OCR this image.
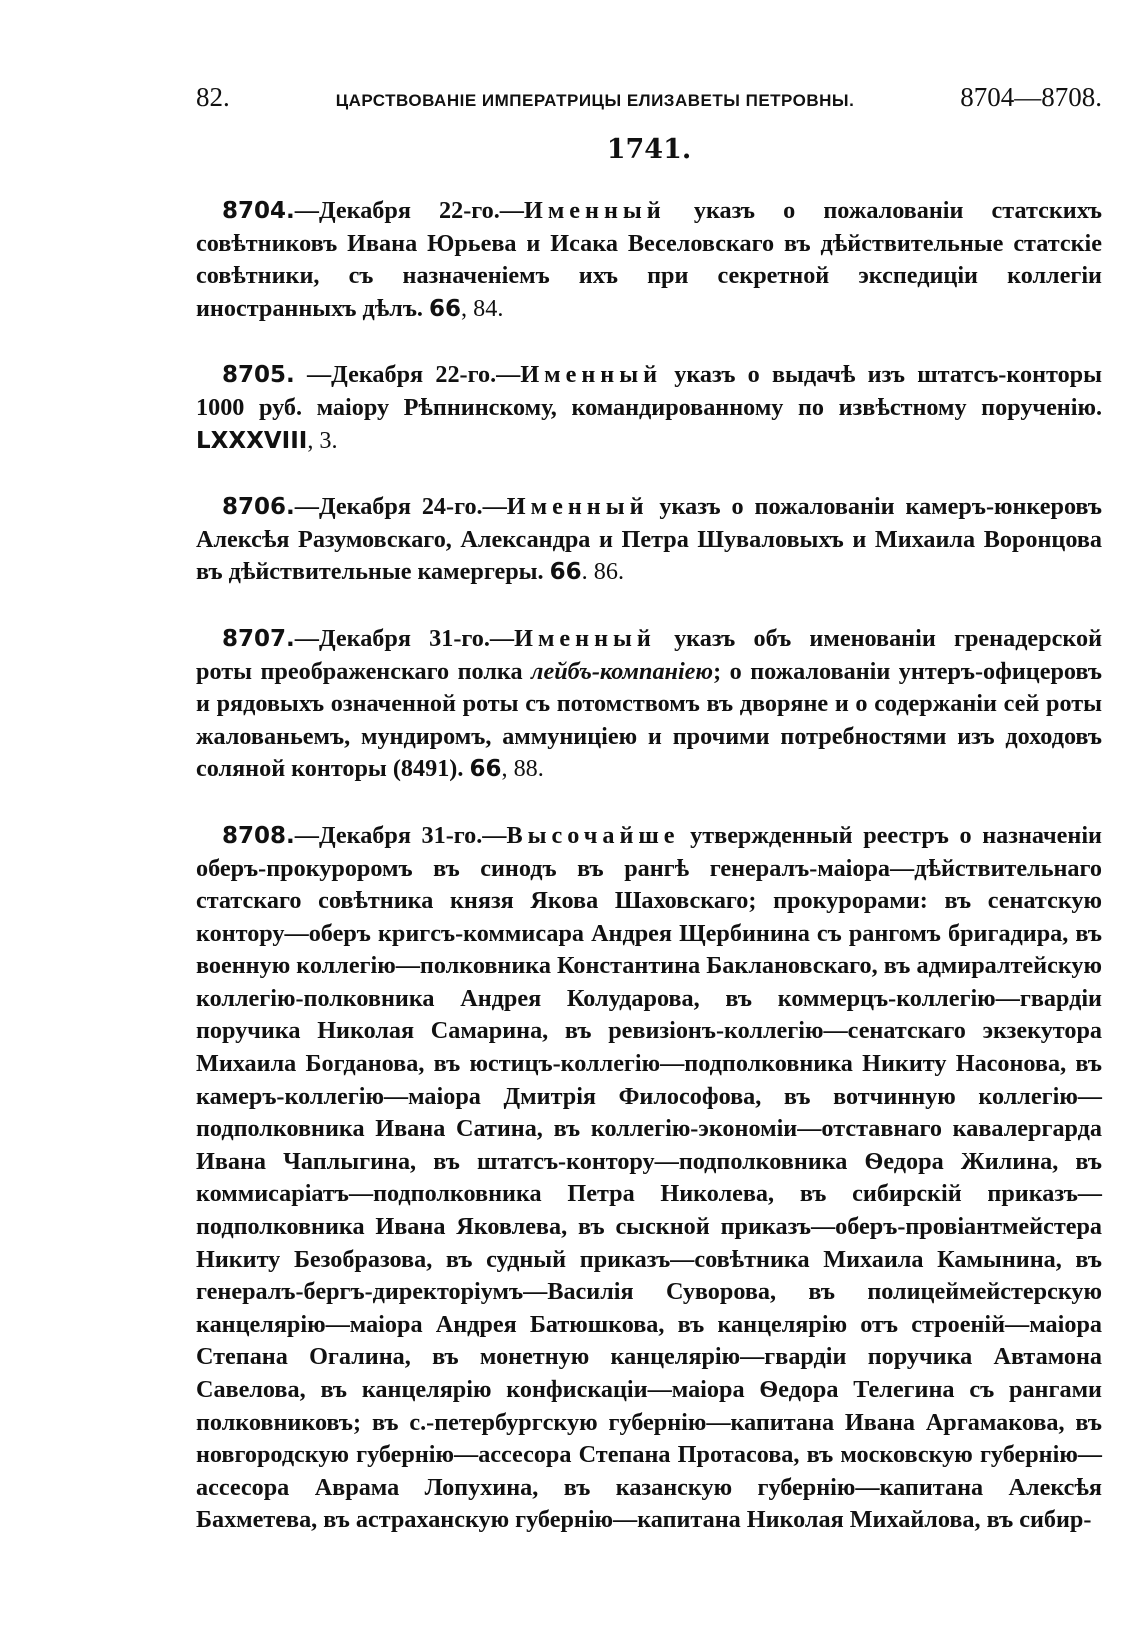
82.	ЦАРСТВОВАНІЕ ИМПЕРАТРИЦЫ ЕЛИЗАВЕТЫ ПЕТРОВНЫ.	8704—8708.
1741.

8704.—Декабря 22-го.—Именный указъ о пожалованіи статскихъ совѣтниковъ Ивана Юрьева и Исака Веселовскаго въ дѣйствительные статскіе совѣтники, съ назначеніемъ ихъ при секретной экспедиціи коллегіи иностранныхъ дѣлъ. 66, 84.

8705. —Декабря 22-го.—Именный указъ о выдачѣ изъ штатсъ-конторы 1000 руб. маіору Рѣпнинскому, командированному по извѣстному порученію. LXXXVIII, 3.

8706.—Декабря 24-го.—Именный указъ о пожалованіи камеръ-юнкеровъ Алексѣя Разумовскаго, Александра и Петра Шуваловыхъ и Михаила Воронцова въ дѣйствительные камергеры. 66. 86.

8707.—Декабря 31-го.—Именный указъ объ именованіи гренадерской роты преображенскаго полка лейбъ-компаніею; о пожалованіи унтеръ-офицеровъ и рядовыхъ означенной роты съ потомствомъ въ дворяне и о содержаніи сей роты жалованьемъ, мундиромъ, аммуниціею и прочими потребностями изъ доходовъ соляной конторы (8491). 66, 88.

8708.—Декабря 31-го.—Высочайше утвержденный реестръ о назначеніи оберъ-прокуроромъ въ синодъ въ рангѣ генералъ-маіора—дѣйствительнаго статскаго совѣтника князя Якова Шаховскаго; прокурорами: въ сенатскую контору—оберъ кригсъ-коммисара Андрея Щербинина съ рангомъ бригадира, въ военную коллегію—полковника Константина Баклановскаго, въ адмиралтейскую коллегію-полковника Андрея Колударова, въ коммерцъ-коллегію—гвардіи поручика Николая Самарина, въ ревизіонъ-коллегію—сенатскаго экзекутора Михаила Богданова, въ юстицъ-коллегію—подполковника Никиту Насонова, въ камеръ-коллегію—маіора Дмитрія Философова, въ вотчинную коллегію—подполковника Ивана Сатина, въ коллегію-экономіи—отставнаго кавалергарда Ивана Чаплыгина, въ штатсъ-контору—подполковника Ѳедора Жилина, въ коммисаріатъ—подполковника Петра Николева, въ сибирскій приказъ—подполковника Ивана Яковлева, въ сыскной приказъ—оберъ-провіантмейстера Никиту Безобразова, въ судный приказъ—совѣтника Михаила Камынина, въ генералъ-бергъ-директоріумъ—Василія Суворова, въ полицеймейстерскую канцелярію—маіора Андрея Батюшкова, въ канцелярію отъ строеній—маіора Степана Огалина, въ монетную канцелярію—гвардіи поручика Автамона Савелова, въ канцелярію конфискаціи—маіора Ѳедора Телегина съ рангами полковниковъ; въ с.-петербургскую губернію—капитана Ивана Аргамакова, въ новгородскую губернію—ассесора Степана Протасова, въ московскую губернію—ассесора Аврама Лопухина, въ казанскую губернію—капитана Алексѣя Бахметева, въ астраханскую губернію—капитана Николая Михайлова, въ сибир-
